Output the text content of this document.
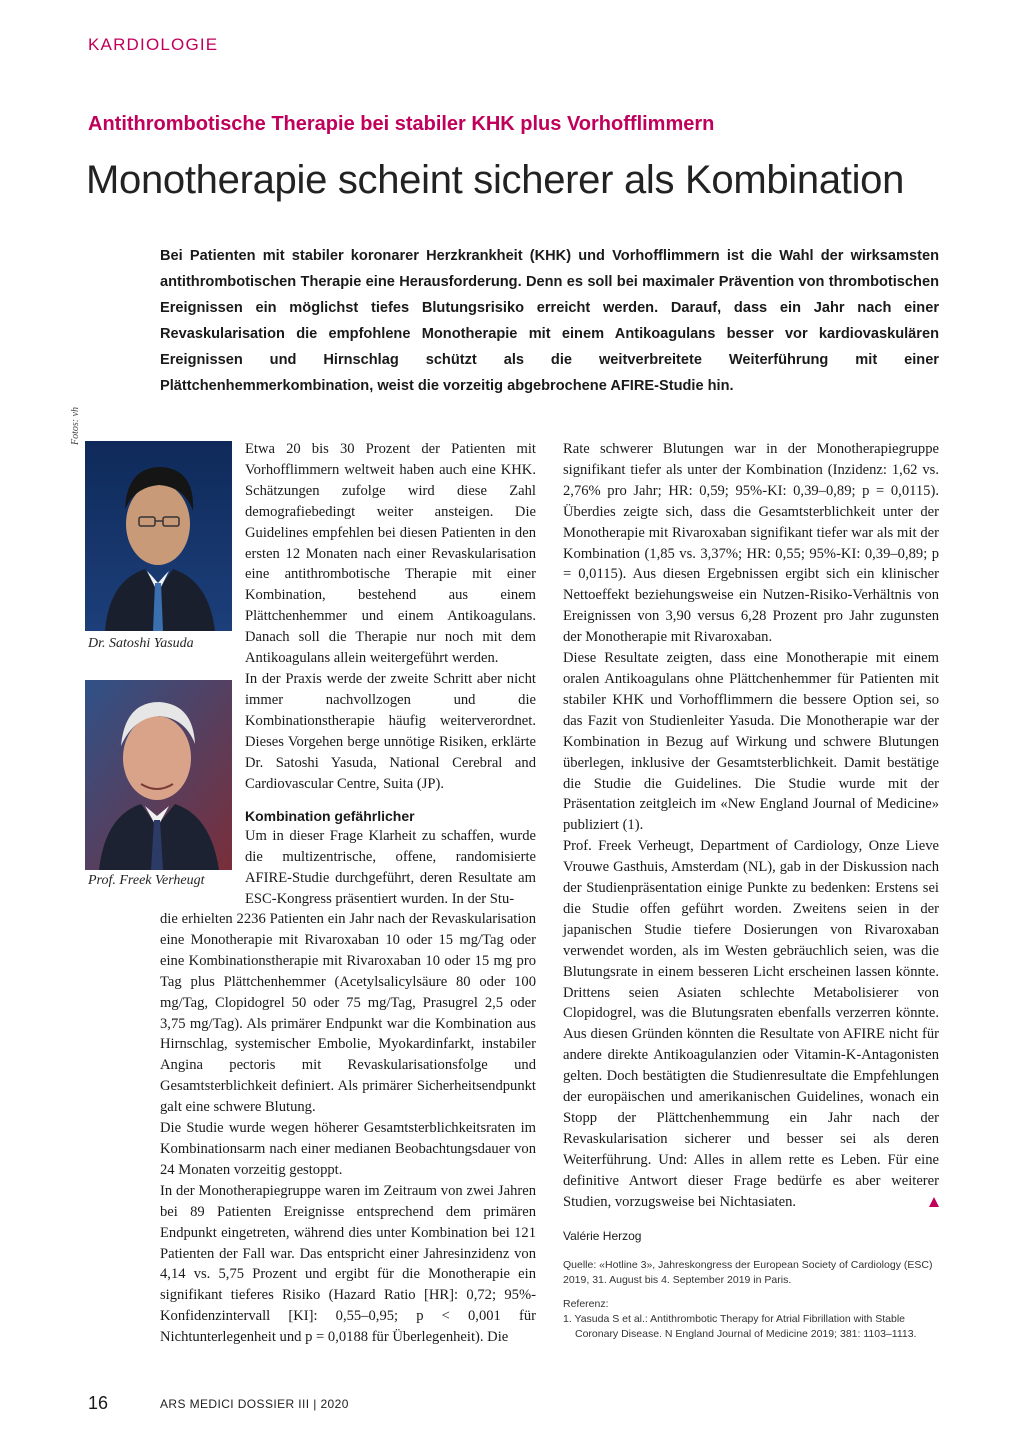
KARDIOLOGIE
Antithrombotische Therapie bei stabiler KHK plus Vorhofflimmern
Monotherapie scheint sicherer als Kombination
Bei Patienten mit stabiler koronarer Herzkrankheit (KHK) und Vorhofflimmern ist die Wahl der wirksamsten antithrombotischen Therapie eine Herausforderung. Denn es soll bei maximaler Prävention von thrombotischen Ereignissen ein möglichst tiefes Blutungsrisiko erreicht werden. Darauf, dass ein Jahr nach einer Revaskularisation die empfohlene Monotherapie mit einem Antikoagulans besser vor kardiovaskulären Ereignissen und Hirnschlag schützt als die weitverbreitete Weiterführung mit einer Plättchenhemmerkombination, weist die vorzeitig abgebrochene AFIRE-Studie hin.
Fotos: vh
Dr. Satoshi Yasuda
Prof. Freek Verheugt

Etwa 20 bis 30 Prozent der Patienten mit Vorhofflimmern weltweit haben auch eine KHK. Schätzungen zufolge wird diese Zahl demografiebedingt weiter ansteigen. Die Guidelines empfehlen bei diesen Patienten in den ersten 12 Monaten nach einer Revaskularisation eine antithrombotische Therapie mit einer Kombination, bestehend aus einem Plättchenhemmer und einem Antikoagulans. Danach soll die Therapie nur noch mit dem Antikoagulans allein weitergeführt werden.

In der Praxis werde der zweite Schritt aber nicht immer nachvollzogen und die Kombinationstherapie häufig weiterverordnet. Dieses Vorgehen berge unnötige Risiken, erklärte Dr. Satoshi Yasuda, National Cerebral and Cardiovascular Centre, Suita (JP).

Kombination gefährlicher

Um in dieser Frage Klarheit zu schaffen, wurde die multizentrische, offene, randomisierte AFIRE-Studie durchgeführt, deren Resultate am ESC-Kongress präsentiert wurden. In der Stu-

die erhielten 2236 Patienten ein Jahr nach der Revaskularisation eine Monotherapie mit Rivaroxaban 10 oder 15 mg/Tag oder eine Kombinationstherapie mit Rivaroxaban 10 oder 15 mg pro Tag plus Plättchenhemmer (Acetylsalicylsäure 80 oder 100 mg/Tag, Clopidogrel 50 oder 75 mg/Tag, Prasugrel 2,5 oder 3,75 mg/Tag). Als primärer Endpunkt war die Kombination aus Hirnschlag, systemischer Embolie, Myokardinfarkt, instabiler Angina pectoris mit Revaskularisationsfolge und Gesamtsterblichkeit definiert. Als primärer Sicherheitsendpunkt galt eine schwere Blutung.

Die Studie wurde wegen höherer Gesamtsterblichkeitsraten im Kombinationsarm nach einer medianen Beobachtungsdauer von 24 Monaten vorzeitig gestoppt.

In der Monotherapiegruppe waren im Zeitraum von zwei Jahren bei 89 Patienten Ereignisse entsprechend dem primären Endpunkt eingetreten, während dies unter Kombination bei 121 Patienten der Fall war. Das entspricht einer Jahresinzidenz von 4,14 vs. 5,75 Prozent und ergibt für die Monotherapie ein signifikant tieferes Risiko (Hazard Ratio [HR]: 0,72; 95%-Konfidenzintervall [KI]: 0,55–0,95; p < 0,001 für Nichtunterlegenheit und p = 0,0188 für Überlegenheit). Die

Rate schwerer Blutungen war in der Monotherapiegruppe signifikant tiefer als unter der Kombination (Inzidenz: 1,62 vs. 2,76% pro Jahr; HR: 0,59; 95%-KI: 0,39–0,89; p = 0,0115). Überdies zeigte sich, dass die Gesamtsterblichkeit unter der Monotherapie mit Rivaroxaban signifikant tiefer war als mit der Kombination (1,85 vs. 3,37%; HR: 0,55; 95%-KI: 0,39–0,89; p = 0,0115). Aus diesen Ergebnissen ergibt sich ein klinischer Nettoeffekt beziehungsweise ein Nutzen-Risiko-Verhältnis von Ereignissen von 3,90 versus 6,28 Prozent pro Jahr zugunsten der Monotherapie mit Rivaroxaban.

Diese Resultate zeigten, dass eine Monotherapie mit einem oralen Antikoagulans ohne Plättchenhemmer für Patienten mit stabiler KHK und Vorhofflimmern die bessere Option sei, so das Fazit von Studienleiter Yasuda. Die Monotherapie war der Kombination in Bezug auf Wirkung und schwere Blutungen überlegen, inklusive der Gesamtsterblichkeit. Damit bestätige die Studie die Guidelines. Die Studie wurde mit der Präsentation zeitgleich im «New England Journal of Medicine» publiziert (1).

Prof. Freek Verheugt, Department of Cardiology, Onze Lieve Vrouwe Gasthuis, Amsterdam (NL), gab in der Diskussion nach der Studienpräsentation einige Punkte zu bedenken: Erstens sei die Studie offen geführt worden. Zweitens seien in der japanischen Studie tiefere Dosierungen von Rivaroxaban verwendet worden, als im Westen gebräuchlich seien, was die Blutungsrate in einem besseren Licht erscheinen lassen könnte. Drittens seien Asiaten schlechte Metabolisierer von Clopidogrel, was die Blutungsraten ebenfalls verzerren könnte. Aus diesen Gründen könnten die Resultate von AFIRE nicht für andere direkte Antikoagulanzien oder Vitamin-K-Antagonisten gelten. Doch bestätigten die Studienresultate die Empfehlungen der europäischen und amerikanischen Guidelines, wonach ein Stopp der Plättchenhemmung ein Jahr nach der Revaskularisation sicherer und besser sei als deren Weiterführung. Und: Alles in allem rette es Leben. Für eine definitive Antwort dieser Frage bedürfe es aber weiterer Studien, vorzugsweise bei Nichtasiaten.

Valérie Herzog
Quelle: «Hotline 3», Jahreskongress der European Society of Cardiology (ESC) 2019, 31. August bis 4. September 2019 in Paris.
Referenz:
1. Yasuda S et al.: Antithrombotic Therapy for Atrial Fibrillation with Stable Coronary Disease. N England Journal of Medicine 2019; 381: 1103–1113.
16	ARS MEDICI DOSSIER III | 2020
